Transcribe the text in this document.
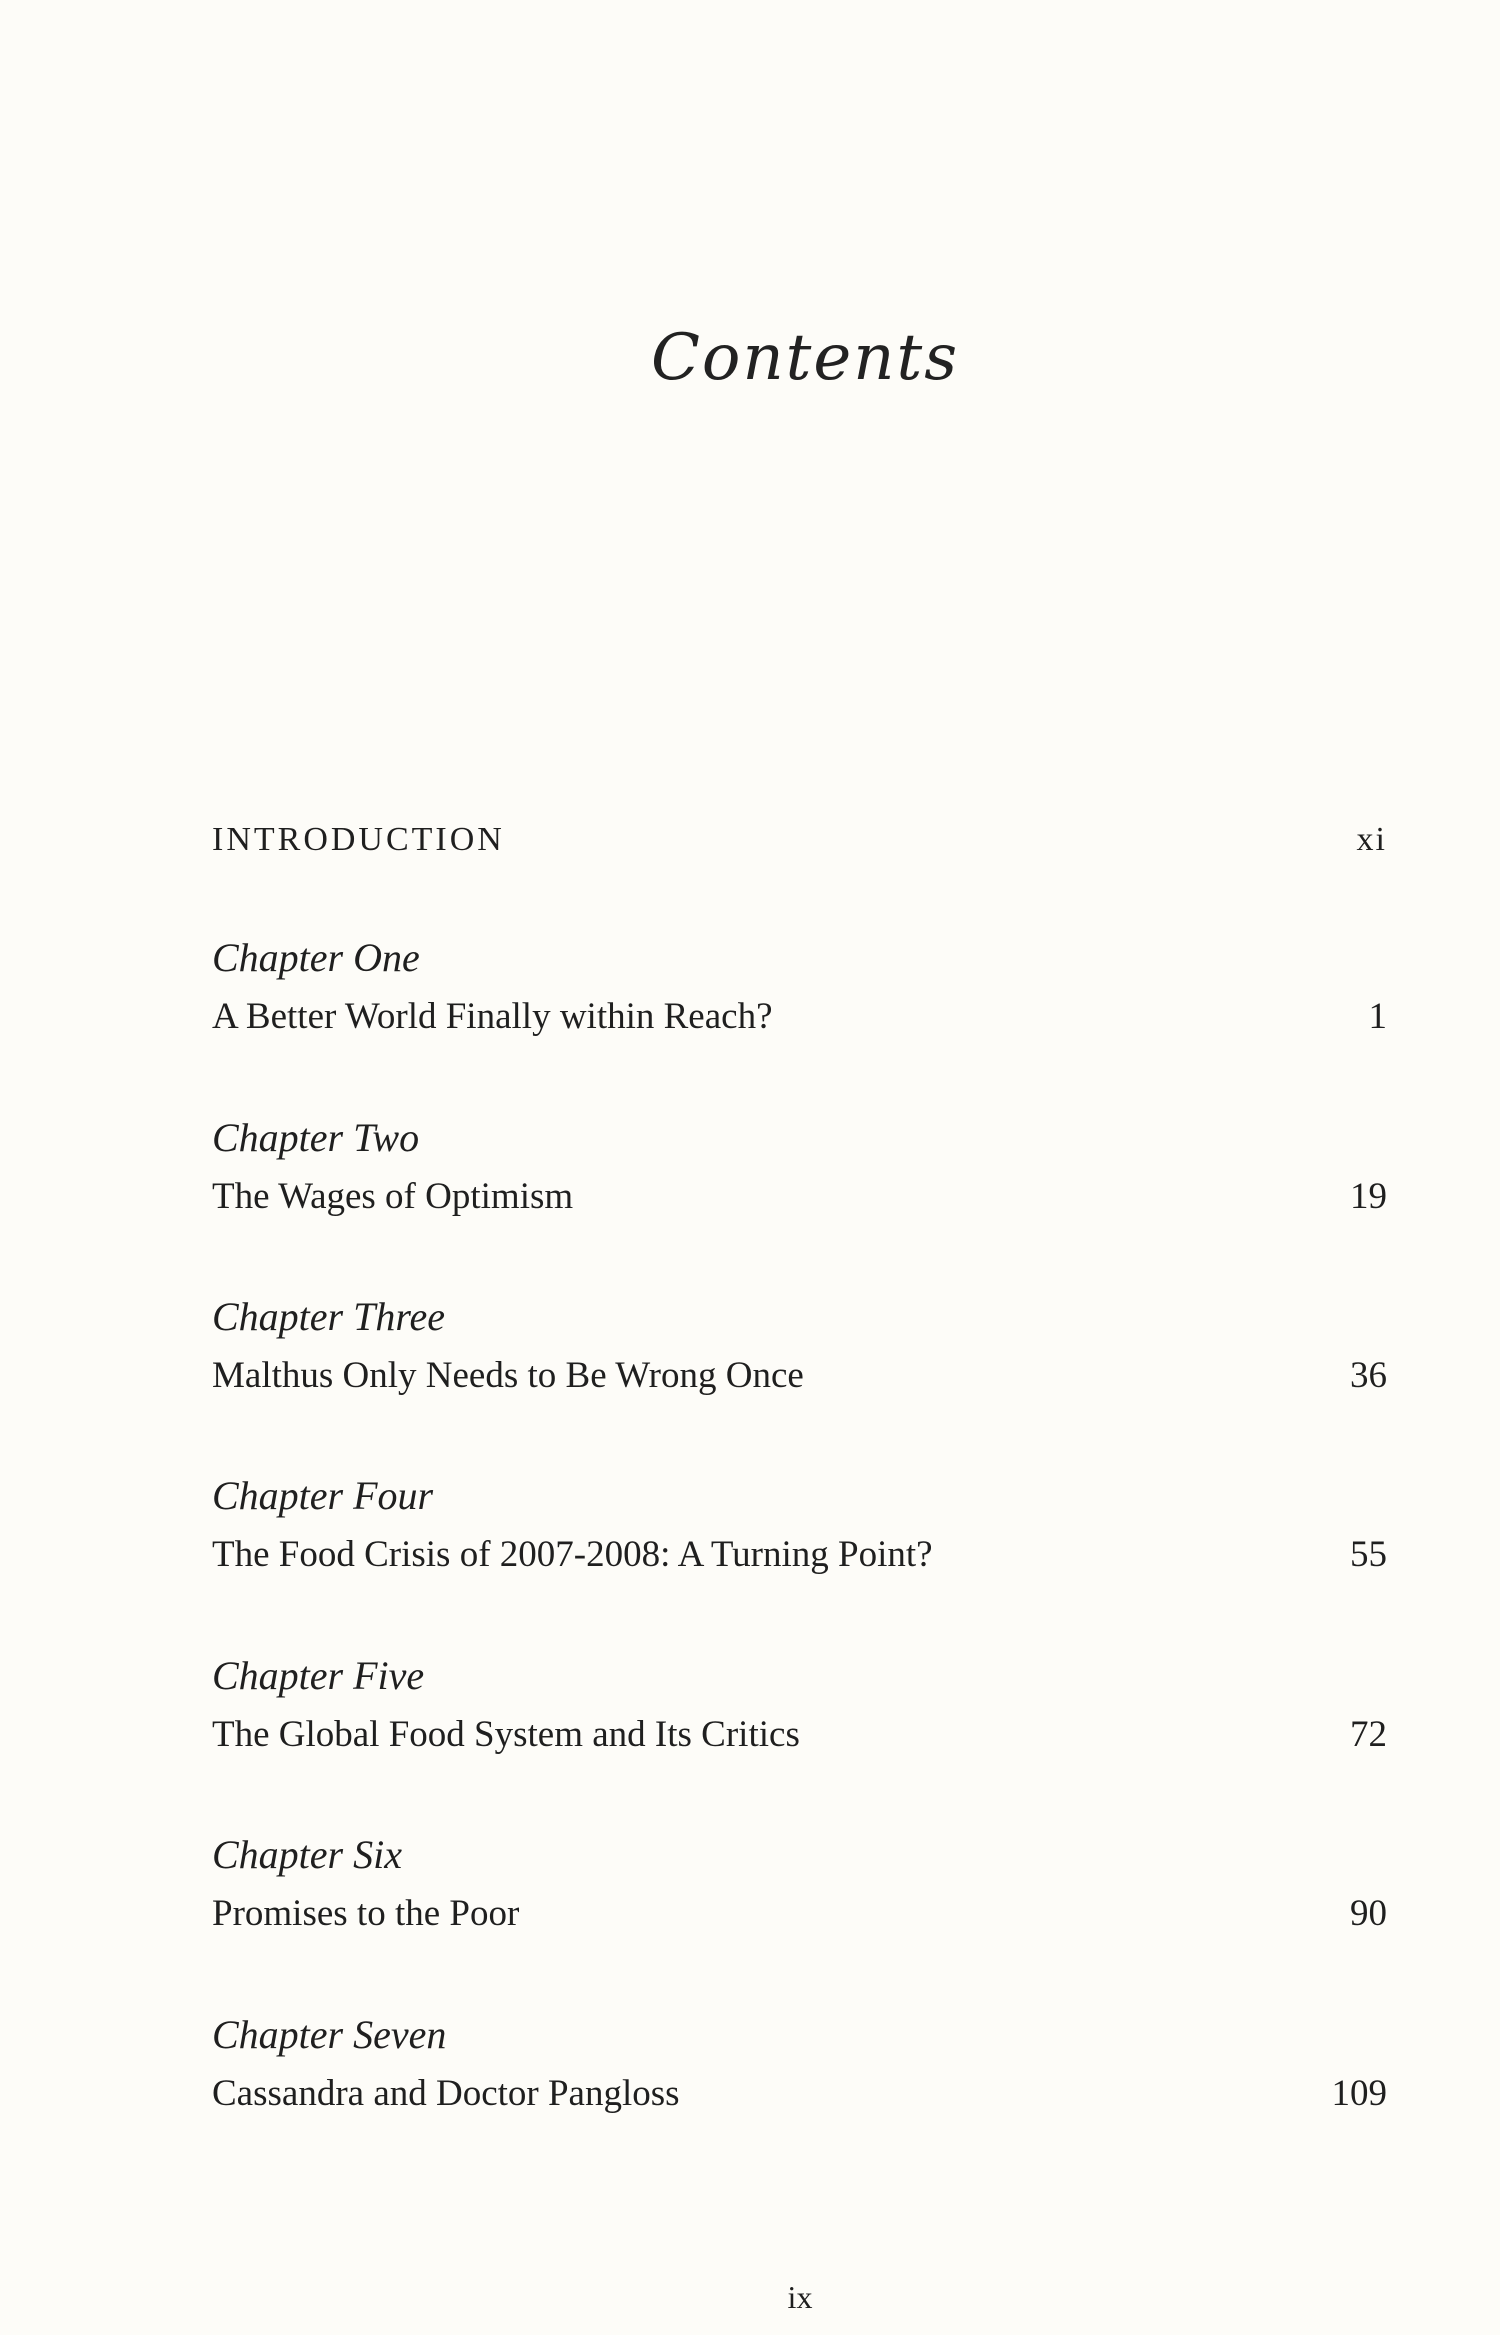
Contents
INTRODUCTION	xi
Chapter One
A Better World Finally within Reach?	1
Chapter Two
The Wages of Optimism	19
Chapter Three
Malthus Only Needs to Be Wrong Once	36
Chapter Four
The Food Crisis of 2007-2008: A Turning Point?	55
Chapter Five
The Global Food System and Its Critics	72
Chapter Six
Promises to the Poor	90
Chapter Seven
Cassandra and Doctor Pangloss	109
ix
